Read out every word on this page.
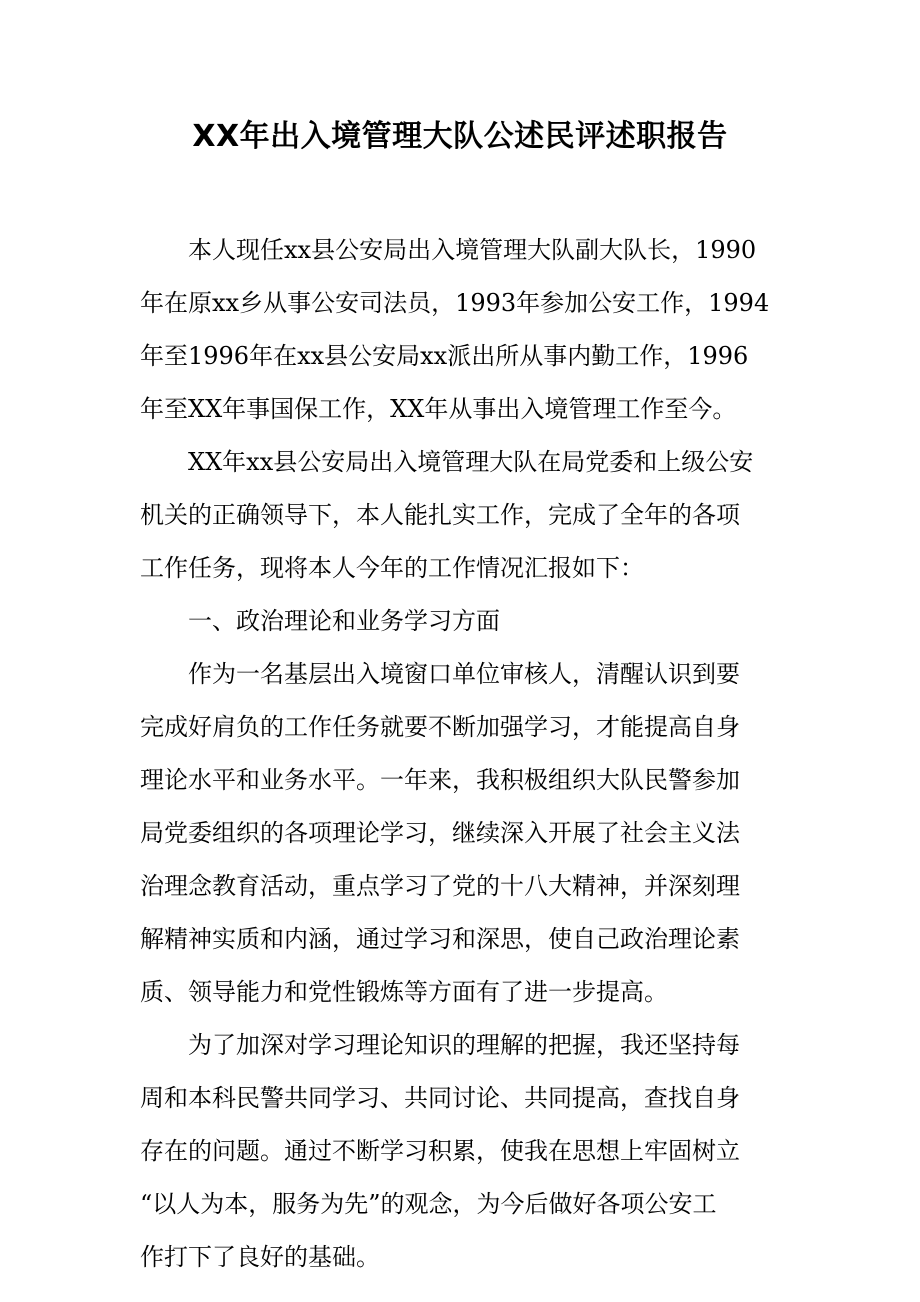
XX年出入境管理大队公述民评述职报告
　　本人现任xx县公安局出入境管理大队副大队长，1990
年在原xx乡从事公安司法员，1993年参加公安工作，1994
年至1996年在xx县公安局xx派出所从事内勤工作，1996
年至XX年事国保工作，XX年从事出入境管理工作至今。
　　XX年xx县公安局出入境管理大队在局党委和上级公安
机关的正确领导下，本人能扎实工作，完成了全年的各项
工作任务，现将本人今年的工作情况汇报如下：
　　一、政治理论和业务学习方面
　　作为一名基层出入境窗口单位审核人，清醒认识到要
完成好肩负的工作任务就要不断加强学习，才能提高自身
理论水平和业务水平。一年来，我积极组织大队民警参加
局党委组织的各项理论学习，继续深入开展了社会主义法
治理念教育活动，重点学习了党的十八大精神，并深刻理
解精神实质和内涵，通过学习和深思，使自己政治理论素
质、领导能力和党性锻炼等方面有了进一步提高。
　　为了加深对学习理论知识的理解的把握，我还坚持每
周和本科民警共同学习、共同讨论、共同提高，查找自身
存在的问题。通过不断学习积累，使我在思想上牢固树立
“以人为本，服务为先”的观念，为今后做好各项公安工
作打下了良好的基础。
